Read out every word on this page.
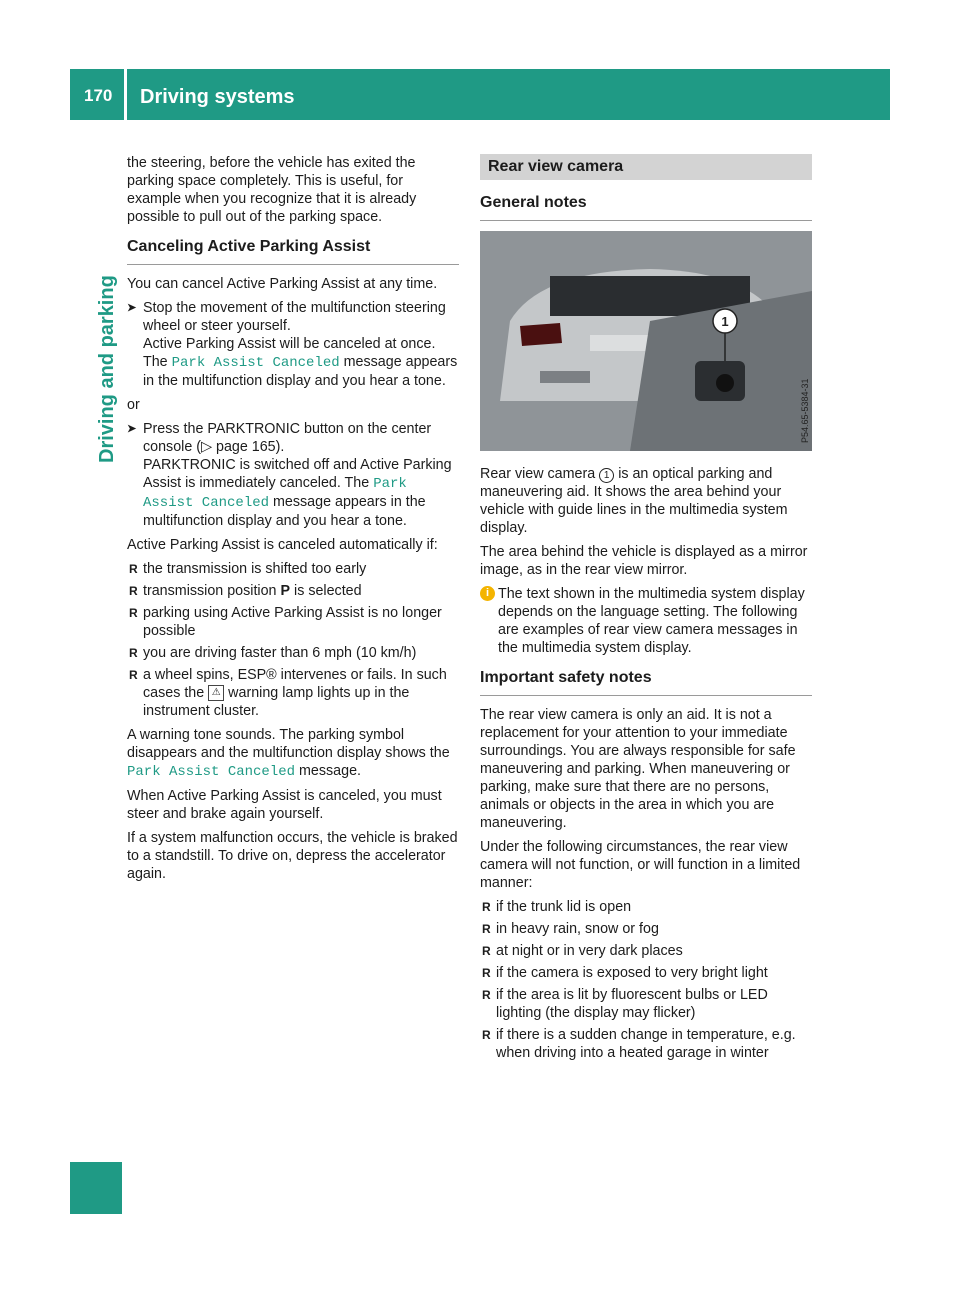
170 Driving systems
Driving and parking

the steering, before the vehicle has exited the parking space completely. This is useful, for example when you recognize that it is already possible to pull out of the parking space.

Canceling Active Parking Assist

You can cancel Active Parking Assist at any time.

➤ Stop the movement of the multifunction steering wheel or steer yourself.
Active Parking Assist will be canceled at once. The Park Assist Canceled message appears in the multifunction display and you hear a tone.

or

➤ Press the PARKTRONIC button on the center console (▷ page 165).
PARKTRONIC is switched off and Active Parking Assist is immediately canceled. The Park Assist Canceled message appears in the multifunction display and you hear a tone.

Active Parking Assist is canceled automatically if:

R the transmission is shifted too early
R transmission position P is selected
R parking using Active Parking Assist is no longer possible
R you are driving faster than 6 mph (10 km/h)
R a wheel spins, ESP® intervenes or fails. In such cases the ⚠ warning lamp lights up in the instrument cluster.

A warning tone sounds. The parking symbol disappears and the multifunction display shows the Park Assist Canceled message.

When Active Parking Assist is canceled, you must steer and brake again yourself.

If a system malfunction occurs, the vehicle is braked to a standstill. To drive on, depress the accelerator again.

Rear view camera
General notes
1
P54.65-5384-31

Rear view camera 1 is an optical parking and maneuvering aid. It shows the area behind your vehicle with guide lines in the multimedia system display.

The area behind the vehicle is displayed as a mirror image, as in the rear view mirror.

i The text shown in the multimedia system display depends on the language setting. The following are examples of rear view camera messages in the multimedia system display.
Important safety notes

The rear view camera is only an aid. It is not a replacement for your attention to your immediate surroundings. You are always responsible for safe maneuvering and parking. When maneuvering or parking, make sure that there are no persons, animals or objects in the area in which you are maneuvering.

Under the following circumstances, the rear view camera will not function, or will function in a limited manner:

R if the trunk lid is open
R in heavy rain, snow or fog
R at night or in very dark places
R if the camera is exposed to very bright light
R if the area is lit by fluorescent bulbs or LED lighting (the display may flicker)
R if there is a sudden change in temperature, e.g. when driving into a heated garage in winter
